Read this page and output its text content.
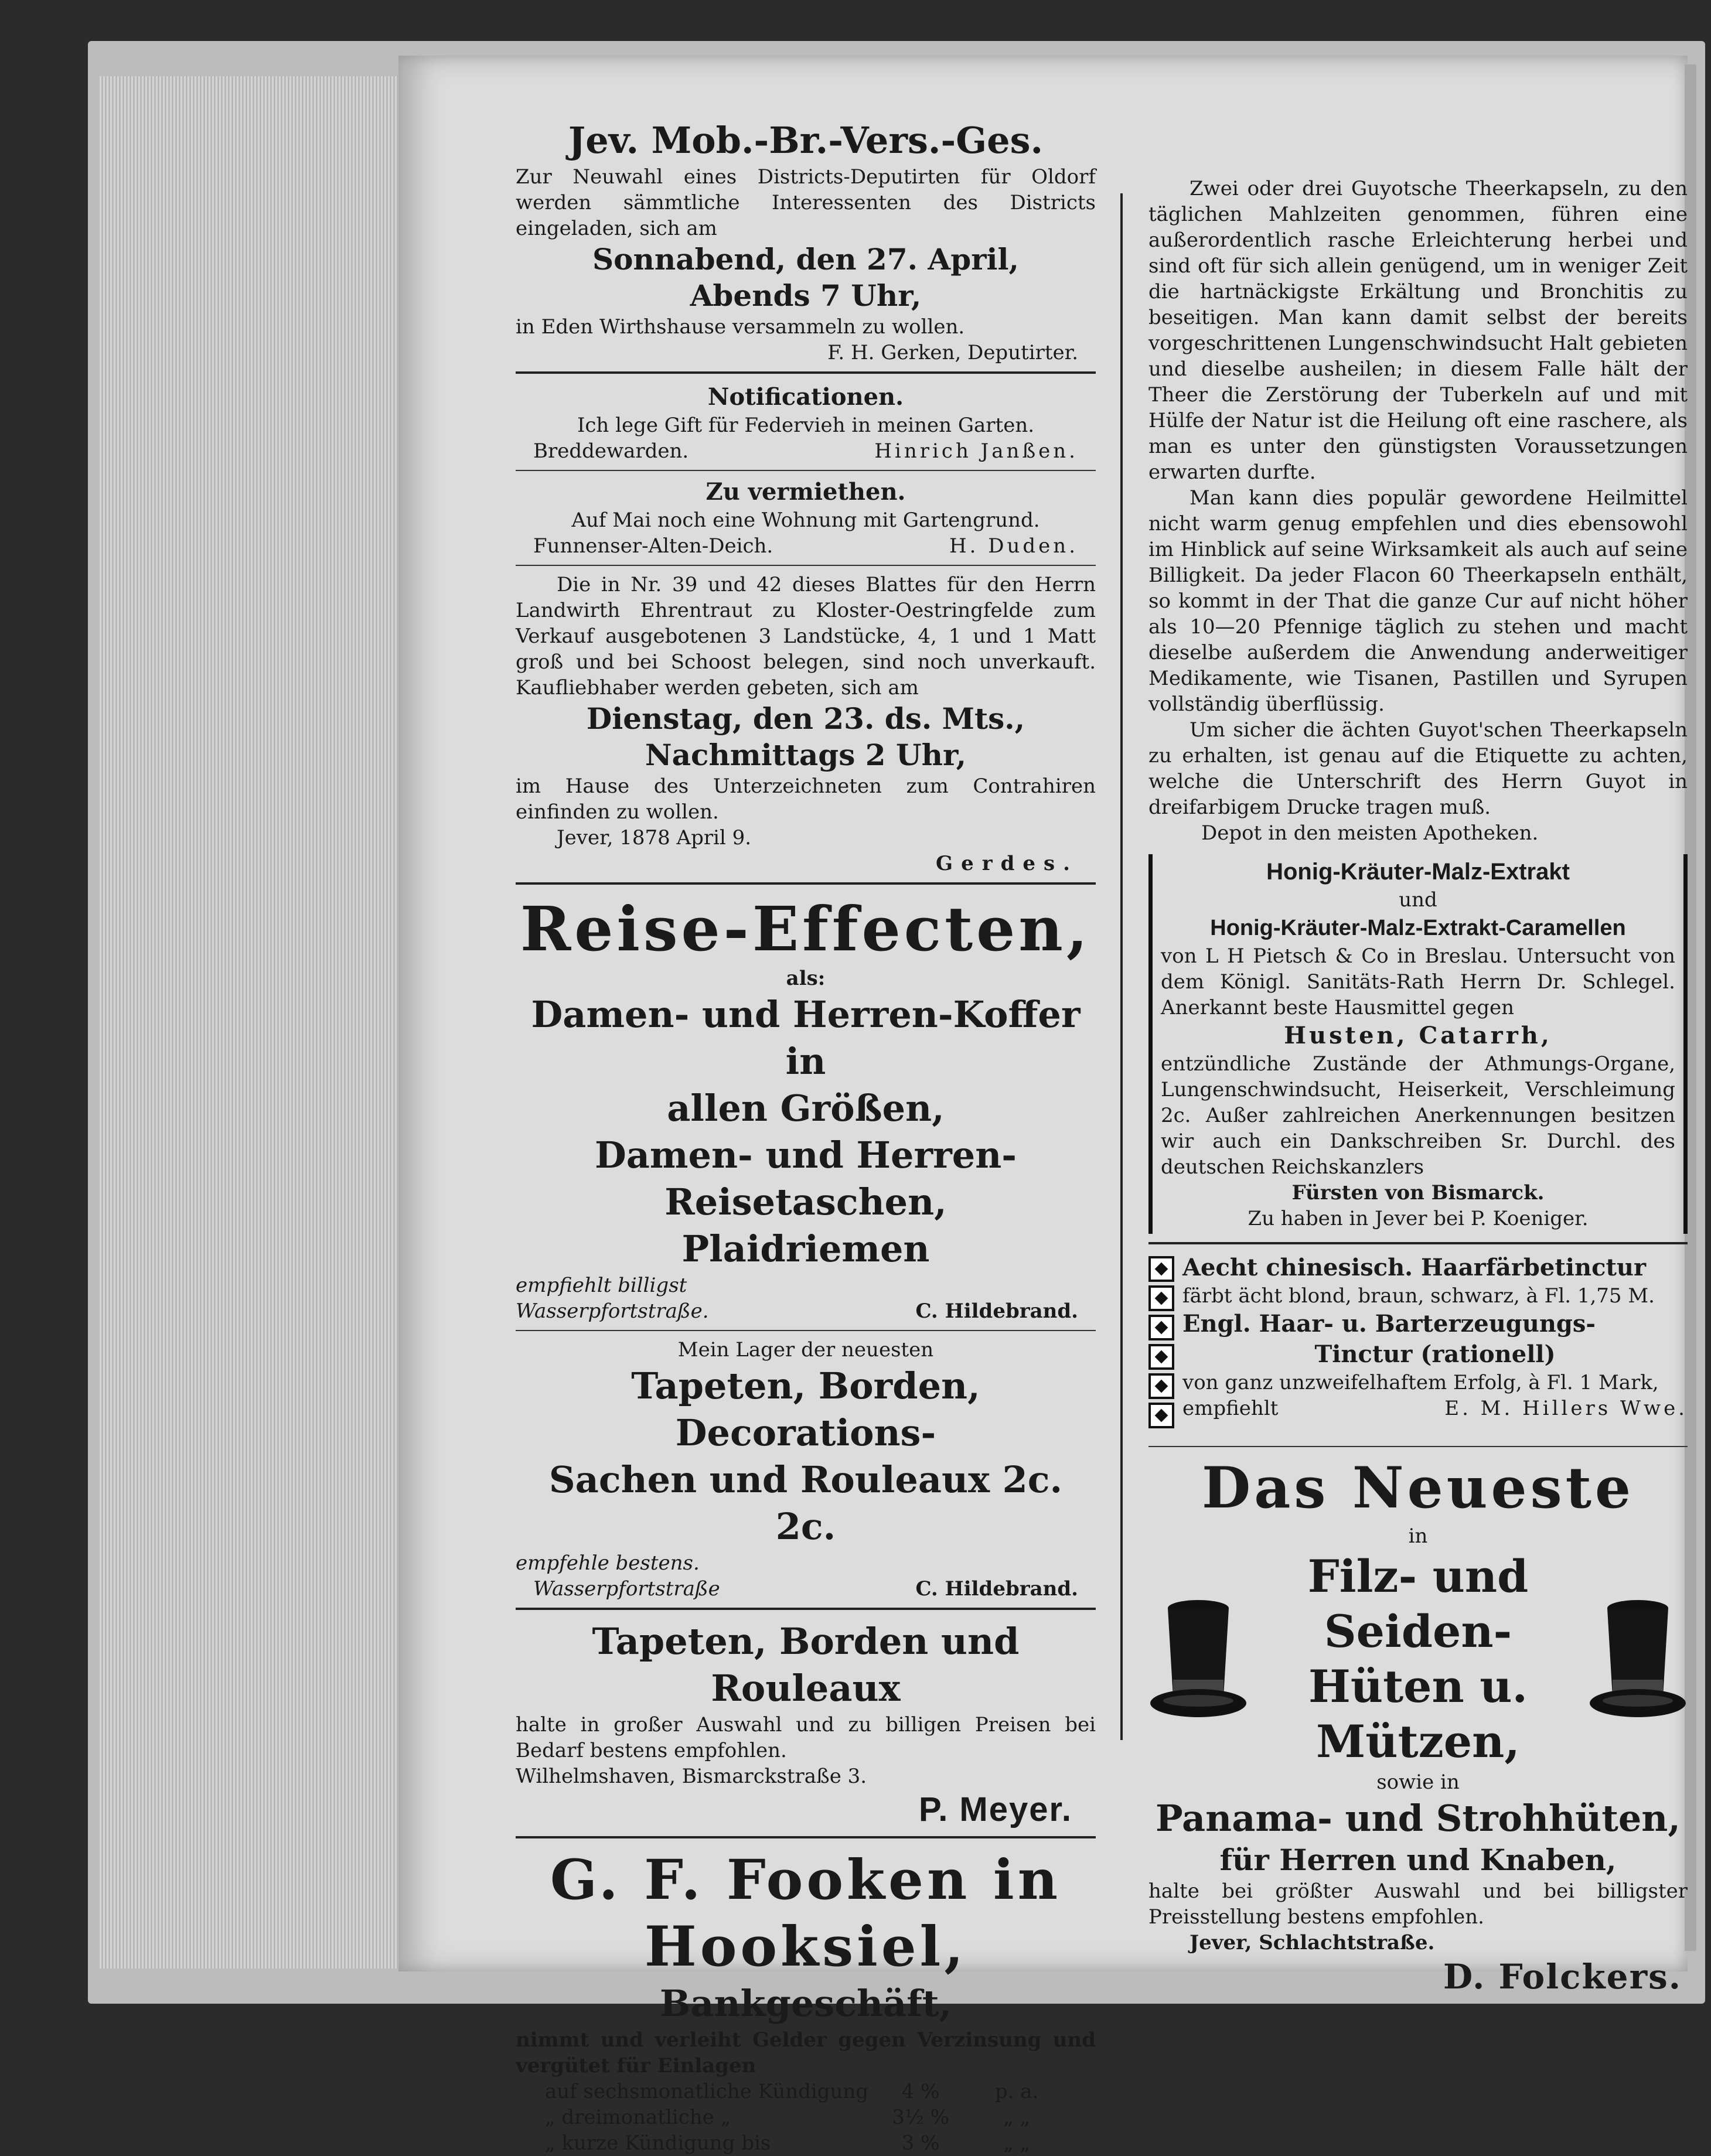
Jev. Mob.-Br.-Vers.-Ges.

Zur Neuwahl eines Districts-Deputirten für Oldorf werden sämmtliche Interessenten des Districts eingeladen, sich am

Sonnabend, den 27. April,
Abends 7 Uhr,
in Eden Wirthshause versammeln zu wollen.
F. H. Gerken, Deputirter.
Notificationen.
Ich lege Gift für Federvieh in meinen Garten.
Breddewarden.	Hinrich Janßen.
Zu vermiethen.
Auf Mai noch eine Wohnung mit Gartengrund.
Funnenser-Alten-Deich.	H. Duden.

Die in Nr. 39 und 42 dieses Blattes für den Herrn Landwirth Ehrentraut zu Kloster-Oestringfelde zum Verkauf ausgebotenen 3 Landstücke, 4, 1 und 1 Matt groß und bei Schoost belegen, sind noch unverkauft. Kaufliebhaber werden gebeten, sich am

Dienstag, den 23. ds. Mts.,
Nachmittags 2 Uhr,

im Hause des Unterzeichneten zum Contrahiren einfinden zu wollen.

Jever, 1878 April 9.
Gerdes.
Reise-Effecten,
als:
Damen- und Herren-Koffer in
allen Größen,
Damen- und Herren-Reisetaschen,
Plaidriemen
empfiehlt billigst
Wasserpfortstraße.	C. Hildebrand.
Mein Lager der neuesten
Tapeten, Borden, Decorations-
Sachen und Rouleaux 2c. 2c.
empfehle bestens.
Wasserpfortstraße	C. Hildebrand.
Tapeten, Borden und
Rouleaux

halte in großer Auswahl und zu billigen Preisen bei Bedarf bestens empfohlen.

Wilhelmshaven, Bismarckstraße 3.
P. Meyer.
G. F. Fooken in Hooksiel,
Bankgeschäft,

nimmt und verleiht Gelder gegen Verzinsung und vergütet für Einlagen

auf sechsmonatliche Kündigung	4 %	p. a.
„ dreimonatliche „	3½ %	„ „
„ kurze Kündigung bis	3 %	„ „

Zwei oder drei Guyotsche Theerkapseln, zu den täglichen Mahlzeiten genommen, führen eine außerordentlich rasche Erleichterung herbei und sind oft für sich allein genügend, um in weniger Zeit die hartnäckigste Erkältung und Bronchitis zu beseitigen. Man kann damit selbst der bereits vorgeschrittenen Lungenschwindsucht Halt gebieten und dieselbe ausheilen; in diesem Falle hält der Theer die Zerstörung der Tuberkeln auf und mit Hülfe der Natur ist die Heilung oft eine raschere, als man es unter den günstigsten Voraussetzungen erwarten durfte.

Man kann dies populär gewordene Heilmittel nicht warm genug empfehlen und dies ebensowohl im Hinblick auf seine Wirksamkeit als auch auf seine Billigkeit. Da jeder Flacon 60 Theerkapseln enthält, so kommt in der That die ganze Cur auf nicht höher als 10—20 Pfennige täglich zu stehen und macht dieselbe außerdem die Anwendung anderweitiger Medikamente, wie Tisanen, Pastillen und Syrupen vollständig überflüssig.

Um sicher die ächten Guyot'schen Theerkapseln zu erhalten, ist genau auf die Etiquette zu achten, welche die Unterschrift des Herrn Guyot in dreifarbigem Drucke tragen muß.

Depot in den meisten Apotheken.
Honig-Kräuter-Malz-Extrakt
und
Honig-Kräuter-Malz-Extrakt-Caramellen

von L H Pietsch & Co in Breslau. Untersucht von dem Königl. Sanitäts-Rath Herrn Dr. Schlegel. Anerkannt beste Hausmittel gegen

Husten, Catarrh,

entzündliche Zustände der Athmungs-Organe, Lungenschwindsucht, Heiserkeit, Verschleimung 2c. Außer zahlreichen Anerkennungen besitzen wir auch ein Dankschreiben Sr. Durchl. des deutschen Reichskanzlers

Fürsten von Bismarck.
Zu haben in Jever bei P. Koeniger.
Aecht chinesisch. Haarfärbetinctur
färbt ächt blond, braun, schwarz, à Fl. 1,75 M.
Engl. Haar- u. Barterzeugungs-
Tinctur (rationell)
von ganz unzweifelhaftem Erfolg, à Fl. 1 Mark,
empfiehlt	E. M. Hillers Wwe.
Das Neueste
in
Filz- und Seiden-
Hüten u. Mützen,
sowie in
Panama- und Strohhüten,
für Herren und Knaben,

halte bei größter Auswahl und bei billigster Preisstellung bestens empfohlen.

Jever, Schlachtstraße.
D. Folckers.
